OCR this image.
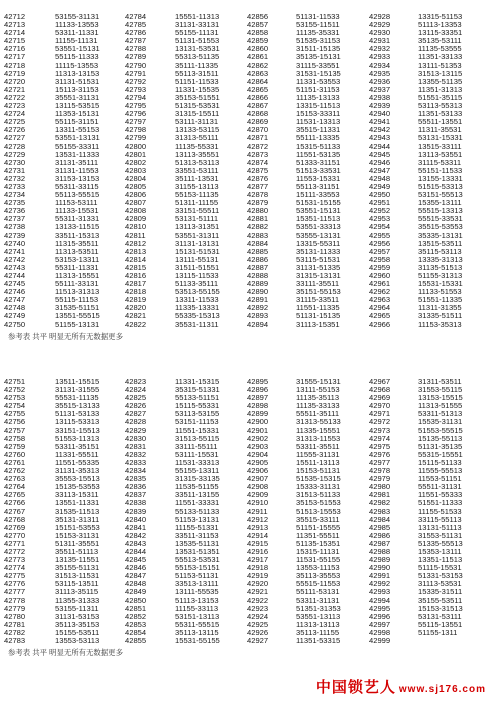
42712
42713
42714
42715
42716
42717
42718
42719
42720
42721
42722
42723
42724
42725
42726
42727
42728
42729
42730
42731
42732
42733
42734
42735
42736
42737
42738
42739
42740
42741
42742
42743
42744
42745
42746
42747
42748
42749
42750
53155-31131
11133-13553
53311-11331
11155-11131
53551-15131
55115-11333
11115-13553
11313-13153
31131-51531
15113-31153
35551-31131
13115-53515
11353-15131
55115-31151
13311-55153
53551-13131
55155-33311
13531-11333
31131-35111
31131-11553
31153-13153
55311-33115
55113-55515
11153-53111
11133-15531
55311-31331
13133-11515
33511-15313
11315-35511
11313-53511
53153-13311
55311-11331
11313-15551
55111-33131
11513-31313
55115-11153
31535-51151
13551-55515
51155-13131
42784
42785
42786
42787
42788
42789
42790
42791
42792
42793
42794
42795
42796
42797
42798
42799
42800
42801
42802
42803
42804
42805
42806
42807
42808
42809
42810
42811
42812
42813
42814
42815
42816
42817
42818
42819
42820
42821
42822
15551-11313
31131-33131
55155-11131
51131-51553
13131-53531
55313-51135
35111-11335
55113-31511
51151-11533
11331-15535
35153-51551
51315-53531
31315-15511
53111-31131
13133-53115
31313-55111
11135-55331
13113-35551
51313-53113
33551-53111
35111-13531
31155-13113
55153-11135
51311-11155
33151-55511
53131-51111
13113-31351
53551-31311
31131-13131
15131-51531
13111-55131
31511-51551
13115-11533
51133-35111
53513-55155
13311-11533
11335-13331
55335-15313
35531-11311
42856
42857
42858
42859
42860
42861
42862
42863
42864
42865
42866
42867
42868
42869
42870
42871
42872
42873
42874
42875
42876
42877
42878
42879
42880
42881
42882
42883
42884
42885
42886
42887
42888
42889
42890
42891
42892
42893
42894
51131-11533
53155-11511
11135-35331
51535-31153
31511-15135
35135-15131
31115-33551
31531-15135
11331-53553
51151-31153
11135-13133
13315-11513
15153-33311
11531-13313
35515-11331
55111-13335
15315-51133
11551-53135
51333-31151
51513-33531
11553-15331
55113-31151
15111-33553
51531-15155
53551-15131
15351-11513
53551-33313
53555-13131
13315-55311
35131-11333
53115-51531
31131-51335
31315-13131
33111-35511
35151-55153
31115-33511
11551-11335
51131-15135
31113-15351
42928
42929
42930
42931
42932
42933
42934
42935
42936
42937
42938
42939
42940
42941
42942
42943
42944
42945
42946
42947
42948
42949
42950
42951
42952
42953
42954
42955
42956
42957
42958
42959
42960
42961
42962
42963
42964
42965
42966
13315-51153
51113-13353
13115-33351
35135-53111
11135-53555
11351-33133
13111-51353
31513-13115
13355-51135
11351-31313
51551-35115
53113-55313
11351-53133
55511-13551
11311-35531
53131-15331
13515-33111
13113-53551
31115-53311
55151-11533
13155-13331
51515-53313
53151-55513
15355-13111
55515-13313
55515-33531
35515-53553
35335-13131
13515-53511
35115-53113
13335-31313
31135-51513
51155-31313
15531-15331
11133-51553
51551-11335
11311-31355
31335-51511
11153-35313
参考表 共平 明显无所有无数据更多
42751
42752
42753
42754
42755
42756
42757
42758
42759
42760
42761
42762
42763
42764
42765
42766
42767
42768
42769
42770
42771
42772
42773
42774
42775
42776
42777
42778
42779
42780
42781
42782
42783
13511-15515
31131-31555
55531-11135
35515-13133
51131-53133
13115-53313
33151-15513
51553-11313
53311-35151
11331-55511
11551-55335
31131-35313
35553-15513
15135-53553
33113-15311
13551-11331
31535-11513
35131-31311
15151-53553
15153-31131
51311-35551
35511-51113
13135-11551
35155-51131
31513-11531
53115-13511
31113-35115
11355-31333
53155-11311
31131-53153
35113-35153
15155-53511
13553-53113
42823
42824
42825
42826
42827
42828
42829
42830
42831
42832
42833
42834
42835
42836
42837
42838
42839
42840
42841
42842
42843
42844
42845
42846
42847
42848
42849
42850
42851
42852
42853
42854
42855
11331-15315
35315-51331
55133-51151
15115-55331
53113-53155
53151-11153
11551-15331
31513-55115
33111-55111
53111-15531
11531-33313
55155-13311
31315-33135
11535-51155
33511-13155
11551-33331
55133-51133
51153-13131
11155-51331
33511-31153
13535-51131
13531-51351
55513-53531
55153-15151
51153-51131
33513-13111
13111-55535
51113-13153
11155-33113
53151-13113
55311-55515
35113-13115
15531-55155
42895
42896
42897
42898
42899
42900
42901
42902
42903
42904
42905
42906
42907
42908
42909
42910
42911
42912
42913
42914
42915
42916
42917
42918
42919
42920
42921
42922
42923
42924
42925
42926
42927
31555-15131
13111-55153
11135-35113
11135-33133
55511-35111
31313-55133
11335-15551
31313-11553
53311-35511
11555-31131
15511-13113
15153-51131
51535-15315
15333-31131
31513-51133
35153-51553
51513-15553
35515-33111
51151-15555
11351-55511
51135-15351
15315-11131
11531-55155
13553-11153
35113-35553
55515-11553
55111-53131
53311-31131
51351-31353
53551-13113
11313-13113
35113-11155
11351-53315
42967
42968
42969
42970
42971
42972
42973
42974
42975
42976
42977
42978
42979
42980
42981
42982
42983
42984
42985
42986
42987
42988
42989
42990
42991
42992
42993
42994
42995
42996
42997
42998
42999
31311-53511
31553-55115
13153-15515
11313-51555
53311-51313
15535-31131
51553-55515
15135-55113
51131-35135
55315-15551
15115-51133
11555-55513
11553-51151
55511-31131
11551-55333
51551-11333
11155-51533
33115-55113
13131-51113
31553-51131
51335-55513
15353-13111
13351-11513
51115-15531
51331-53153
31113-53531
15335-31511
35155-53511
15153-31513
53131-53111
55115-13551
51155-1311
参考表 共平 明显无所有无数据更多
中国锁艺人 www.sj176.com
